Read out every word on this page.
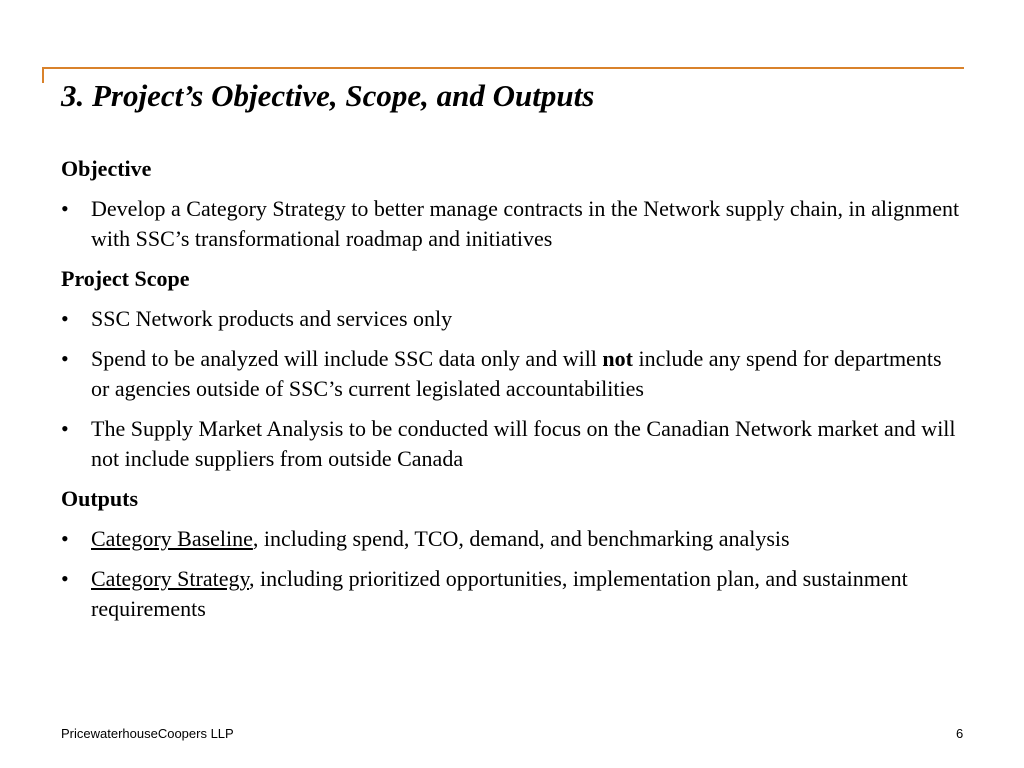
3. Project’s Objective, Scope, and Outputs
Objective
• Develop a Category Strategy to better manage contracts in the Network supply chain, in alignment with SSC’s transformational roadmap and initiatives
Project Scope
• SSC Network products and services only
• Spend to be analyzed will include SSC data only and will not include any spend for departments or agencies outside of SSC’s current legislated accountabilities
• The Supply Market Analysis to be conducted will focus on the Canadian Network market and will not include suppliers from outside Canada
Outputs
• Category Baseline, including spend, TCO, demand, and benchmarking analysis
• Category Strategy, including prioritized opportunities, implementation plan, and sustainment requirements
PricewaterhouseCoopers LLP	6
